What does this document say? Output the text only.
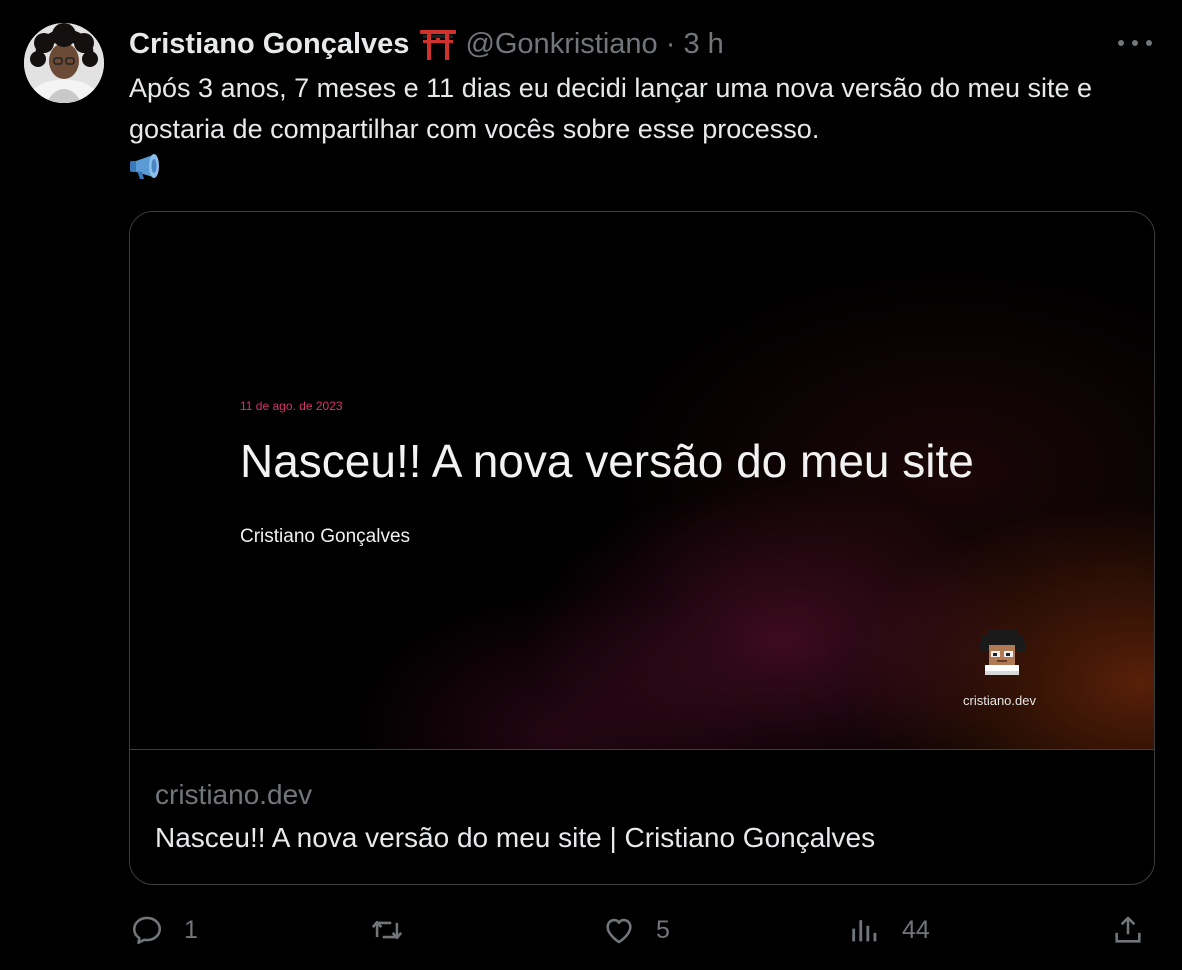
Cristiano Gonçalves @Gonkristiano · 3 h
Após 3 anos, 7 meses e 11 dias eu decidi lançar uma nova versão do meu site e gostaria de compartilhar com vocês sobre esse processo.
11 de ago. de 2023
Nasceu!! A nova versão do meu site
Cristiano Gonçalves
cristiano.dev
cristiano.dev
Nasceu!! A nova versão do meu site | Cristiano Gonçalves
1	5	44
